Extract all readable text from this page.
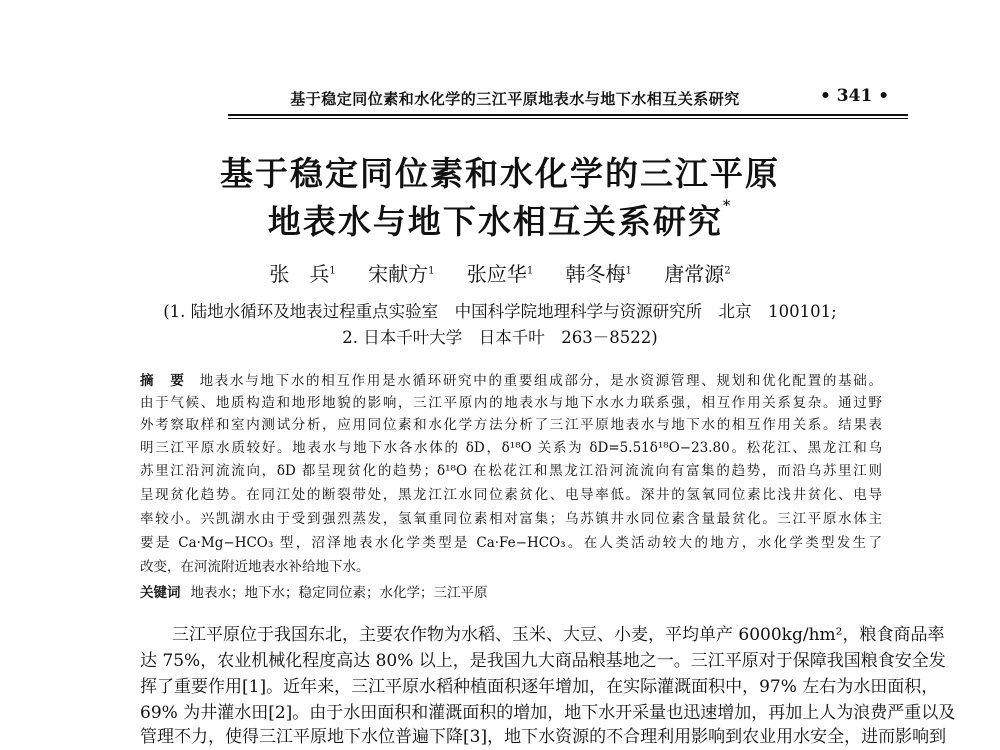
基于稳定同位素和水化学的三江平原地表水与地下水相互关系研究	• 341 •
基于稳定同位素和水化学的三江平原
地表水与地下水相互关系研究*
张　兵$^1$ 宋献方$^1$ 张应华$^1$ 韩冬梅$^1$ 唐常源$^2$
(1. 陆地水循环及地表过程重点实验室　中国科学院地理科学与资源研究所　北京　100101;
2. 日本千叶大学　日本千叶　263－8522)
摘　要 地表水与地下水的相互作用是水循环研究中的重要组成部分，是水资源管理、规划和优化配置的基础。
由于气候、地质构造和地形地貌的影响，三江平原内的地表水与地下水水力联系强，相互作用关系复杂。通过野
外考察取样和室内测试分析，应用同位素和水化学方法分析了三江平原地表水与地下水的相互作用关系。结果表
明三江平原水质较好。地表水与地下水各水体的 δD，δ¹⁸O 关系为 δD=5.51δ¹⁸O−23.80。松花江、黑龙江和乌
苏里江沿河流流向，δD 都呈现贫化的趋势；δ¹⁸O 在松花江和黑龙江沿河流流向有富集的趋势，而沿乌苏里江则
呈现贫化趋势。在同江处的断裂带处，黑龙江江水同位素贫化、电导率低。深井的氢氧同位素比浅井贫化、电导
率较小。兴凯湖水由于受到强烈蒸发，氢氧重同位素相对富集；乌苏镇井水同位素含量最贫化。三江平原水体主
要是 Ca·Mg−HCO₃ 型，沼泽地表水化学类型是 Ca·Fe−HCO₃。在人类活动较大的地方，水化学类型发生了
改变，在河流附近地表水补给地下水。
关键词 地表水；地下水；稳定同位素；水化学；三江平原
三江平原位于我国东北，主要农作物为水稻、玉米、大豆、小麦，平均单产 6000kg/hm²，粮食商品率
达 75%，农业机械化程度高达 80% 以上，是我国九大商品粮基地之一。三江平原对于保障我国粮食安全发
挥了重要作用[1]。近年来，三江平原水稻种植面积逐年增加，在实际灌溉面积中，97% 左右为水田面积，
69% 为井灌水田[2]。由于水田面积和灌溉面积的增加，地下水开采量也迅速增加，再加上人为浪费严重以及
管理不力，使得三江平原地下水位普遍下降[3]，地下水资源的不合理利用影响到农业用水安全，进而影响到
